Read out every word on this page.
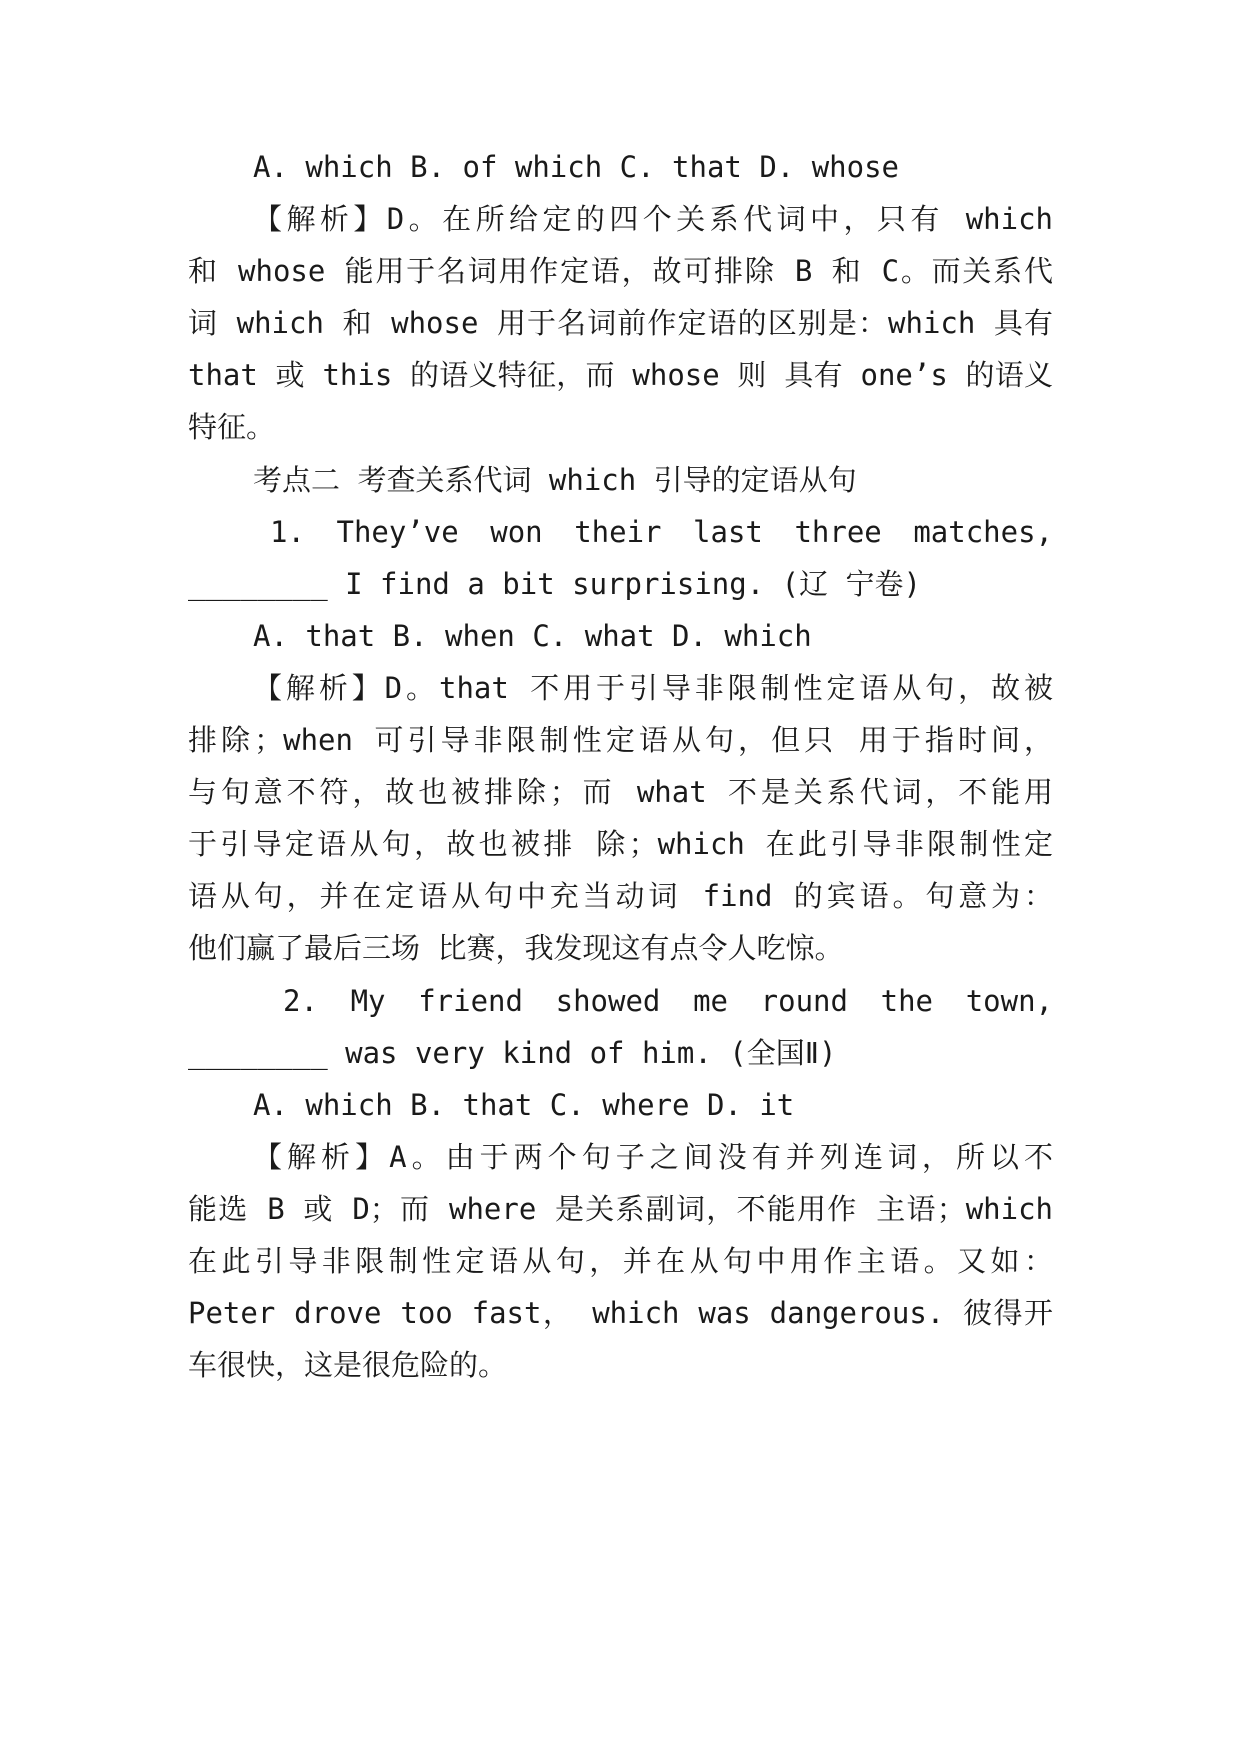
A. which B. of which C. that D. whose
【解析】D。在所给定的四个关系代词中，只有 which
和 whose 能用于名词用作定语，故可排除 B 和 C。而关系代
词 which 和 whose 用于名词前作定语的区别是：which 具有
that 或 this 的语义特征，而 whose 则 具有 one’s 的语义
特征。
考点二 考查关系代词 which 引导的定语从句
1. They’ve won their last three matches,
________ I find a bit surprising. (辽 宁卷)
A. that B. when C. what D. which
【解析】D。that 不用于引导非限制性定语从句，故被
排除；when 可引导非限制性定语从句，但只 用于指时间，
与句意不符，故也被排除；而 what 不是关系代词，不能用
于引导定语从句，故也被排 除；which 在此引导非限制性定
语从句，并在定语从句中充当动词 find 的宾语。句意为：
他们赢了最后三场 比赛，我发现这有点令人吃惊。
2. My friend showed me round the town,
________ was very kind of him. (全国Ⅱ)
A. which B. that C. where D. it
【解析】A。由于两个句子之间没有并列连词，所以不
能选 B 或 D；而 where 是关系副词，不能用作 主语；which
在此引导非限制性定语从句，并在从句中用作主语。又如：
Peter drove too fast， which was dangerous. 彼得开
车很快，这是很危险的。
